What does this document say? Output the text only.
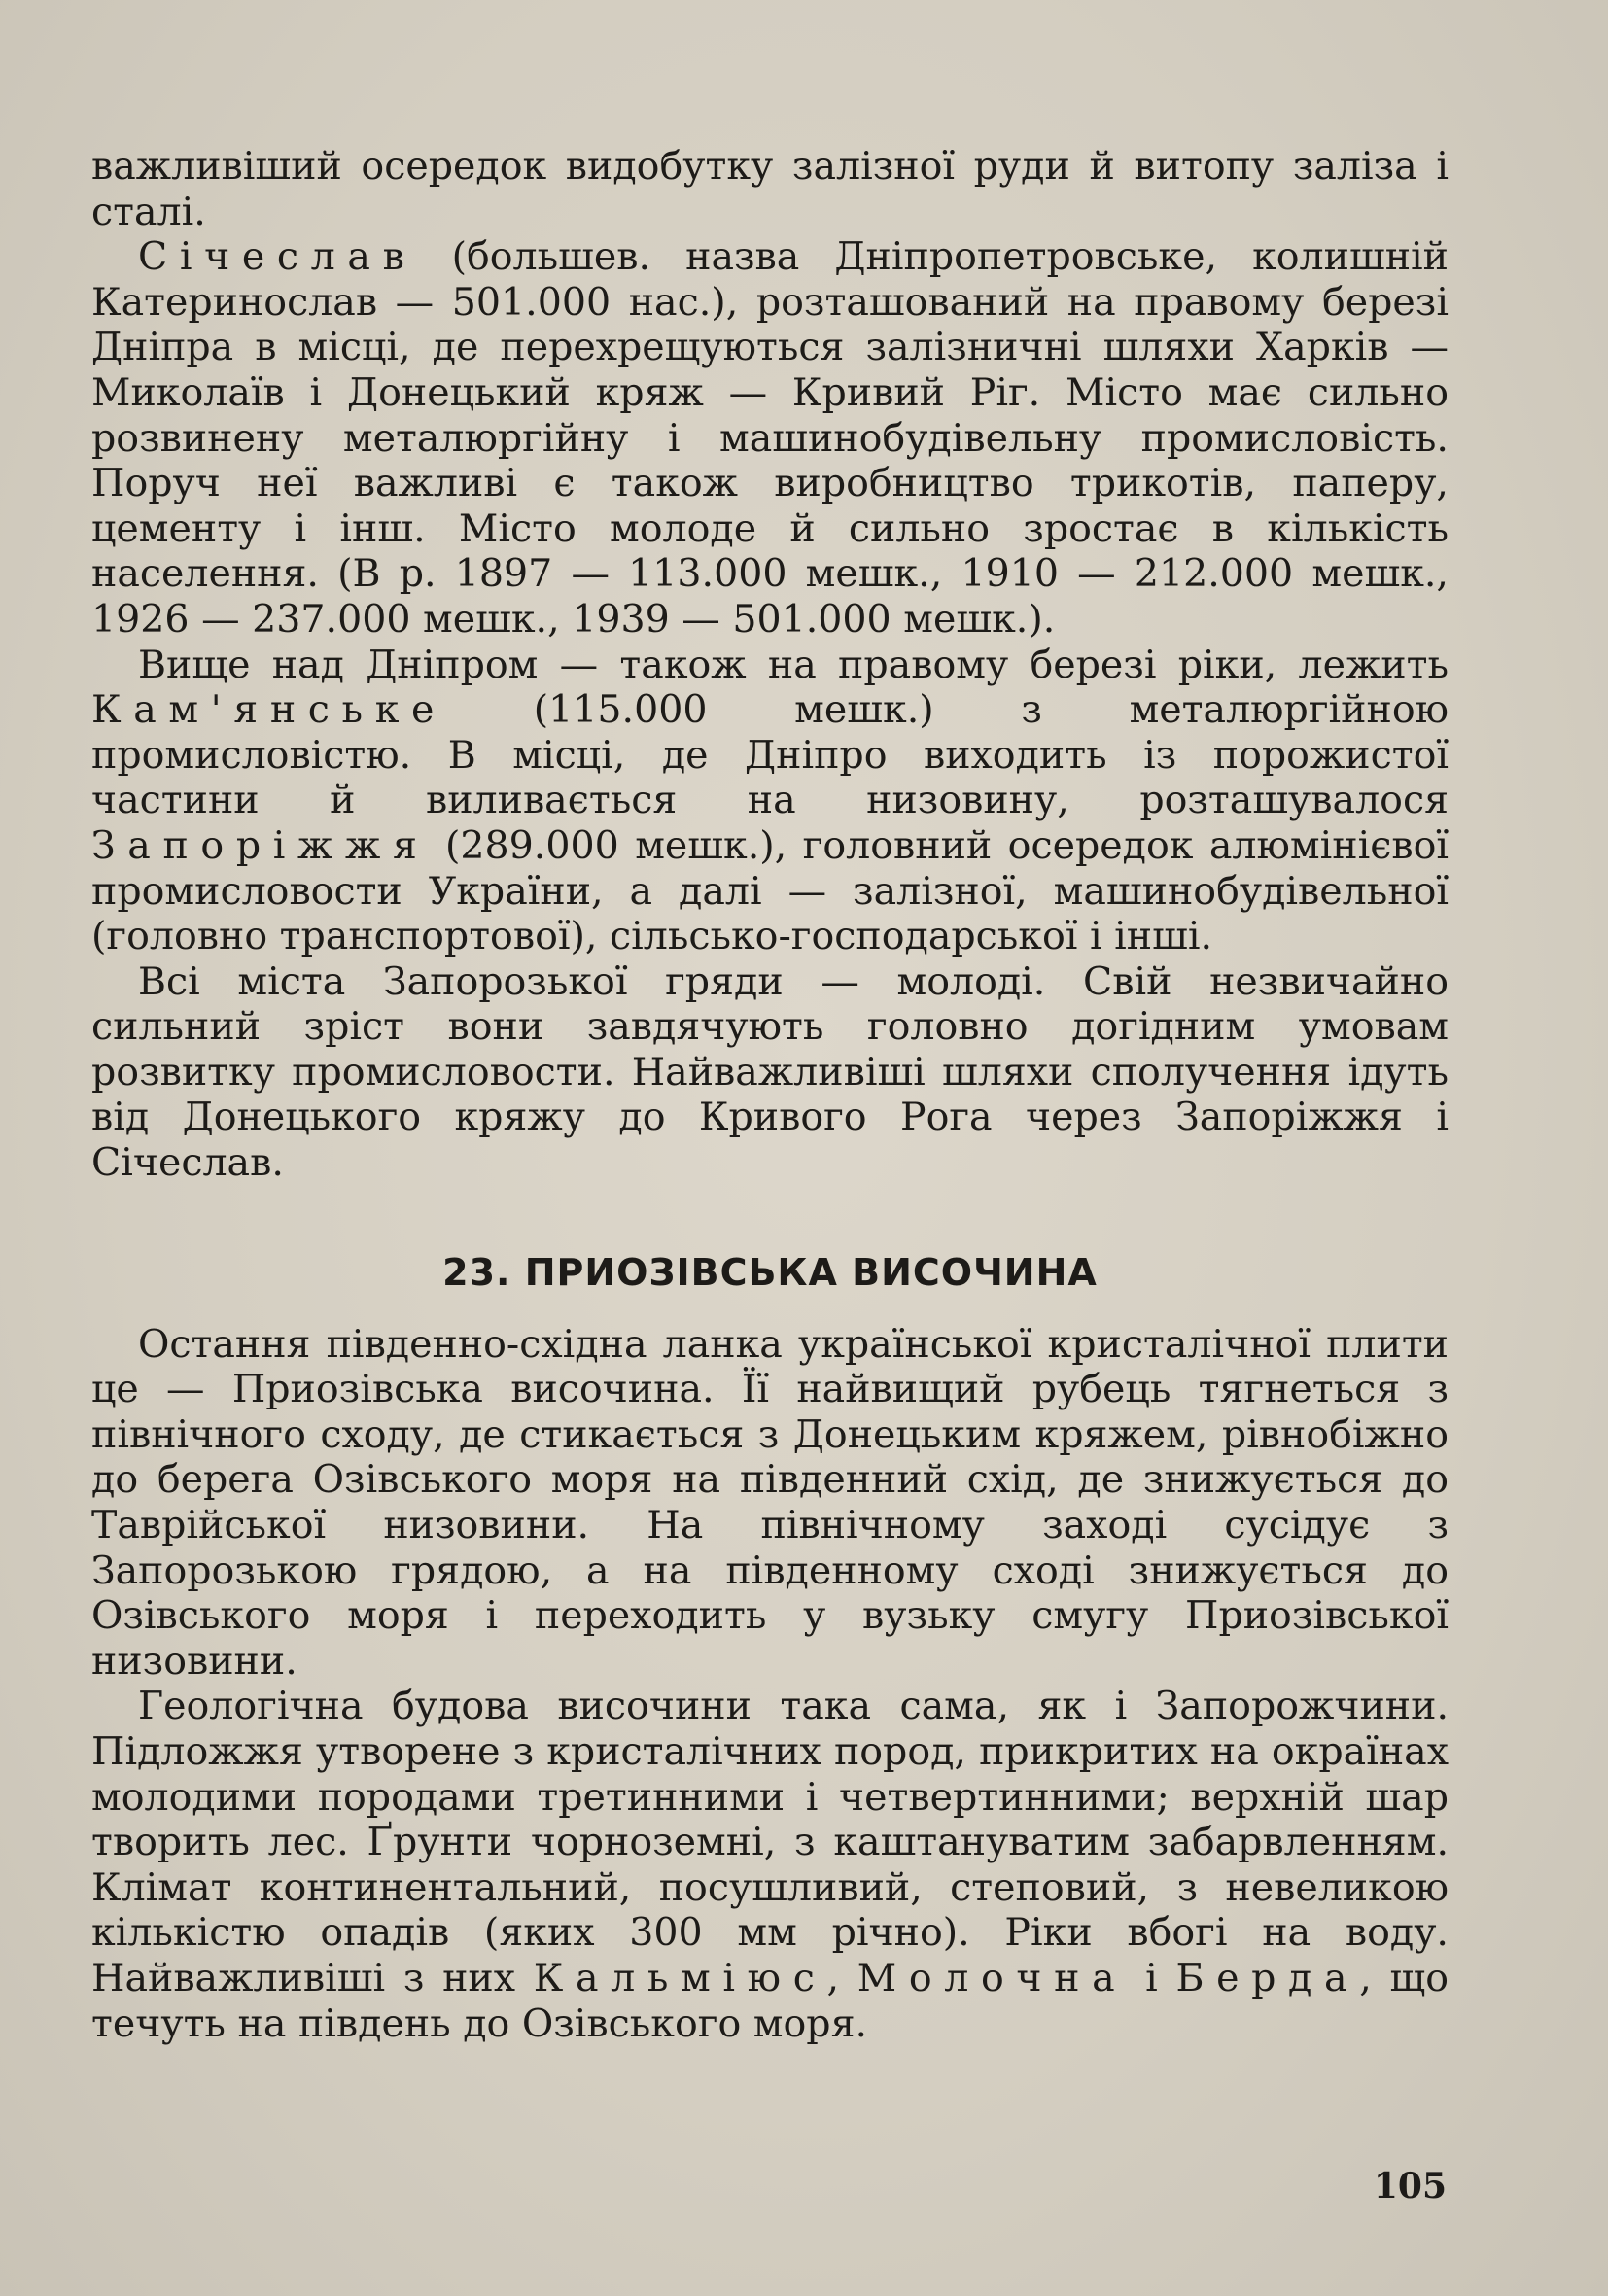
важливіший осередок видобутку залізної руди й витопу заліза і сталі.

Січеслав (большев. назва Дніпропетровське, колишній Катеринослав — 501.000 нас.), розташований на правому березі Дніпра в місці, де перехрещуються залізничні шляхи Харків — Миколаїв і Донецький кряж — Кривий Ріг. Місто має сильно розвинену металюргійну і машинобудівельну промисловість. Поруч неї важливі є також виробництво трикотів, паперу, цементу і інш. Місто молоде й сильно зростає в кількість населення. (В р. 1897 — 113.000 мешк., 1910 — 212.000 мешк., 1926 — 237.000 мешк., 1939 — 501.000 мешк.).

Вище над Дніпром — також на правому березі ріки, лежить Кам'янське (115.000 мешк.) з металюргійною промисловістю. В місці, де Дніпро виходить із порожистої частини й виливається на низовину, розташувалося Запоріжжя (289.000 мешк.), головний осередок алюмінієвої промисловости України, а далі — залізної, машинобудівельної (головно транспортової), сільсько-господарської і інші.

Всі міста Запорозької гряди — молоді. Свій незвичайно сильний зріст вони завдячують головно догідним умовам розвитку промисловости. Найважливіші шляхи сполучення ідуть від Донецького кряжу до Кривого Рога через Запоріжжя і Січеслав.

23. ПРИОЗІВСЬКА ВИСОЧИНА

Остання південно-східна ланка української кристалічної плити це — Приозівська височина. Її найвищий рубець тягнеться з північного сходу, де стикається з Донецьким кряжем, рівнобіжно до берега Озівського моря на південний схід, де знижується до Таврійської низовини. На північному заході сусідує з Запорозькою грядою, а на південному сході знижується до Озівського моря і переходить у вузьку смугу Приозівської низовини.

Геологічна будова височини така сама, як і Запорожчини. Підложжя утворене з кристалічних пород, прикритих на окраїнах молодими породами третинними і четвертинними; верхній шар творить лес. Ґрунти чорноземні, з каштануватим забарвленням. Клімат континентальний, посушливий, степовий, з невеликою кількістю опадів (яких 300 мм річно). Ріки вбогі на воду. Найважливіші з них Кальміюс, Молочна і Берда, що течуть на південь до Озівського моря.

105
